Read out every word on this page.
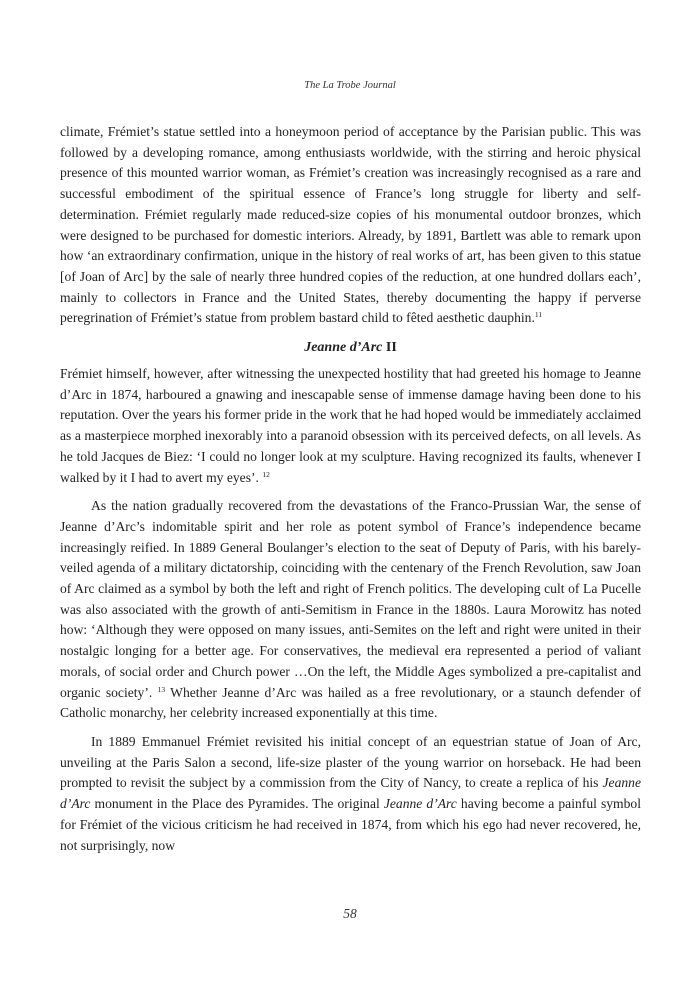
The La Trobe Journal

climate, Frémiet’s statue settled into a honeymoon period of acceptance by the Parisian public. This was followed by a developing romance, among enthusiasts worldwide, with the stirring and heroic physical presence of this mounted warrior woman, as Frémiet’s creation was increasingly recognised as a rare and successful embodiment of the spiritual essence of France’s long struggle for liberty and self-determination. Frémiet regularly made reduced-size copies of his monumental outdoor bronzes, which were designed to be purchased for domestic interiors. Already, by 1891, Bartlett was able to remark upon how ‘an extraordinary confirmation, unique in the history of real works of art, has been given to this statue [of Joan of Arc] by the sale of nearly three hundred copies of the reduction, at one hundred dollars each’, mainly to collectors in France and the United States, thereby documenting the happy if perverse peregrination of Frémiet’s statue from problem bastard child to fêted aesthetic dauphin.$^{11}$

Jeanne d’Arc II

Frémiet himself, however, after witnessing the unexpected hostility that had greeted his homage to Jeanne d’Arc in 1874, harboured a gnawing and inescapable sense of immense damage having been done to his reputation. Over the years his former pride in the work that he had hoped would be immediately acclaimed as a masterpiece morphed inexorably into a paranoid obsession with its perceived defects, on all levels. As he told Jacques de Biez: ‘I could no longer look at my sculpture. Having recognized its faults, whenever I walked by it I had to avert my eyes’. $^{12}$

As the nation gradually recovered from the devastations of the Franco-Prussian War, the sense of Jeanne d’Arc’s indomitable spirit and her role as potent symbol of France’s independence became increasingly reified. In 1889 General Boulanger’s election to the seat of Deputy of Paris, with his barely-veiled agenda of a military dictatorship, coinciding with the centenary of the French Revolution, saw Joan of Arc claimed as a symbol by both the left and right of French politics. The developing cult of La Pucelle was also associated with the growth of anti-Semitism in France in the 1880s. Laura Morowitz has noted how: ‘Although they were opposed on many issues, anti-Semites on the left and right were united in their nostalgic longing for a better age. For conservatives, the medieval era represented a period of valiant morals, of social order and Church power …On the left, the Middle Ages symbolized a pre-capitalist and organic society’. $^{13}$ Whether Jeanne d’Arc was hailed as a free revolutionary, or a staunch defender of Catholic monarchy, her celebrity increased exponentially at this time.

In 1889 Emmanuel Frémiet revisited his initial concept of an equestrian statue of Joan of Arc, unveiling at the Paris Salon a second, life-size plaster of the young warrior on horseback. He had been prompted to revisit the subject by a commission from the City of Nancy, to create a replica of his Jeanne d’Arc monument in the Place des Pyramides. The original Jeanne d’Arc having become a painful symbol for Frémiet of the vicious criticism he had received in 1874, from which his ego had never recovered, he, not surprisingly, now

58
